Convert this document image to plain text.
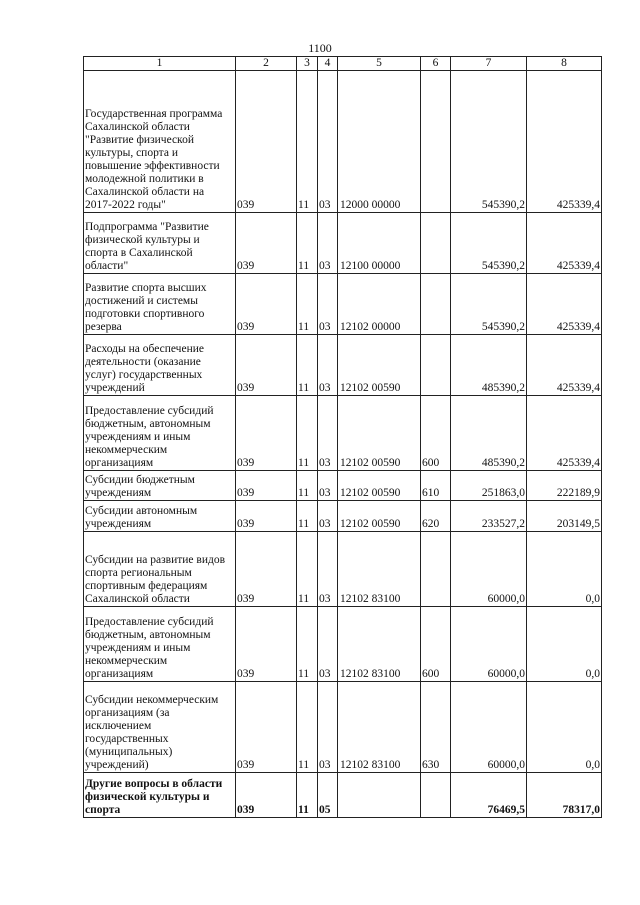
1100
1	2	3	4	5	6	7	8
Государственная программа Сахалинской области "Развитие физической культуры, спорта и повышение эффективности молодежной политики в Сахалинской области на 2017-2022 годы"	039	11	03	12000 00000		545390,2	425339,4
Подпрограмма "Развитие физической культуры и спорта в Сахалинской области"	039	11	03	12100 00000		545390,2	425339,4
Развитие спорта высших достижений и системы подготовки спортивного резерва	039	11	03	12102 00000		545390,2	425339,4
Расходы на обеспечение деятельности (оказание услуг) государственных учреждений	039	11	03	12102 00590		485390,2	425339,4
Предоставление субсидий бюджетным, автономным учреждениям и иным некоммерческим организациям	039	11	03	12102 00590	600	485390,2	425339,4
Субсидии бюджетным учреждениям	039	11	03	12102 00590	610	251863,0	222189,9
Субсидии автономным учреждениям	039	11	03	12102 00590	620	233527,2	203149,5
Субсидии на развитие видов спорта региональным спортивным федерациям Сахалинской области	039	11	03	12102 83100		60000,0	0,0
Предоставление субсидий бюджетным, автономным учреждениям и иным некоммерческим организациям	039	11	03	12102 83100	600	60000,0	0,0
Субсидии некоммерческим организациям (за исключением государственных (муниципальных) учреждений)	039	11	03	12102 83100	630	60000,0	0,0
Другие вопросы в области физической культуры и спорта	039	11	05			76469,5	78317,0
